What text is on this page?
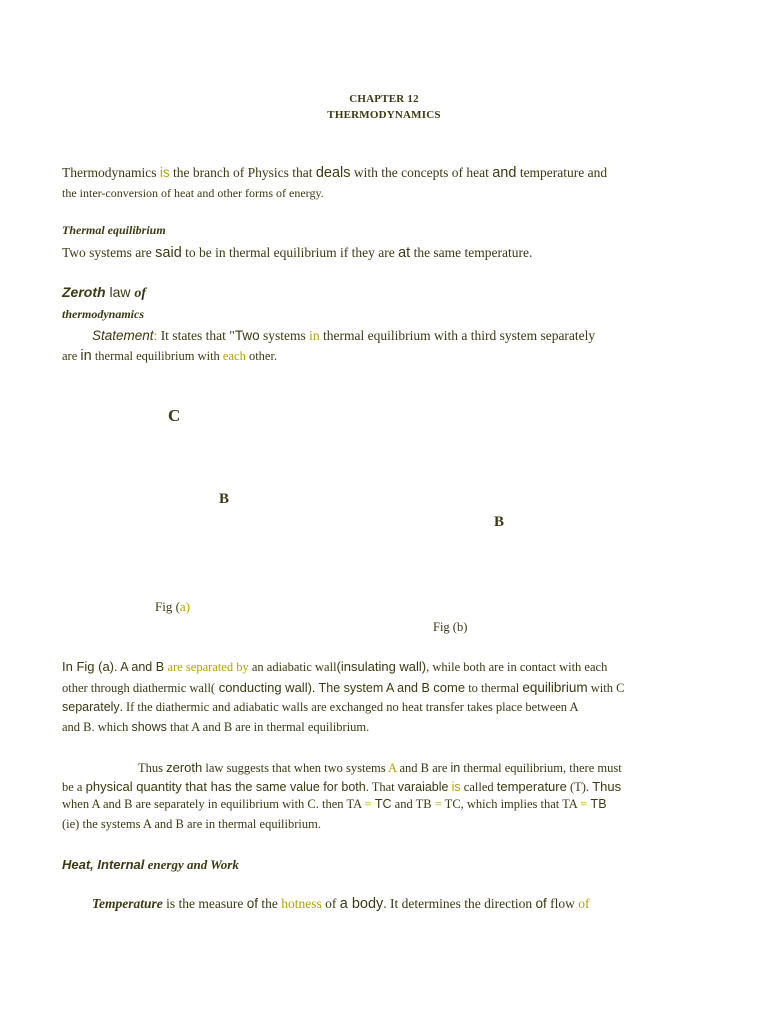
CHAPTER 12
THERMODYNAMICS
Thermodynamics is the branch of Physics that deals with the concepts of heat and temperature and
the inter-conversion of heat and other forms of energy.
Thermal equilibrium
Two systems are said to be in thermal equilibrium if they are at the same temperature.
Zeroth law of
thermodynamics
Statement: It states that "Two systems in thermal equilibrium with a third system separately
are in thermal equilibrium with each other.
C
B
B
Fig (a)
Fig (b)
In Fig (a). A and B are separated by an adiabatic wall(insulating wall), while both are in contact with each
other through diathermic wall( conducting wall). The system A and B come to thermal equilibrium with C
separately. If the diathermic and adiabatic walls are exchanged no heat transfer takes place between A
and B. which shows that A and B are in thermal equilibrium.
Thus zeroth law suggests that when two systems A and B are in thermal equilibrium, there must
be a physical quantity that has the same value for both. That varaiable is called temperature (T). Thus
when A and B are separately in equilibrium with C. then TA = TC and TB = TC, which implies that TA = TB
(ie) the systems A and B are in thermal equilibrium.
Heat, Internal energy and Work
Temperature is the measure of the hotness of a body. It determines the direction of flow of
